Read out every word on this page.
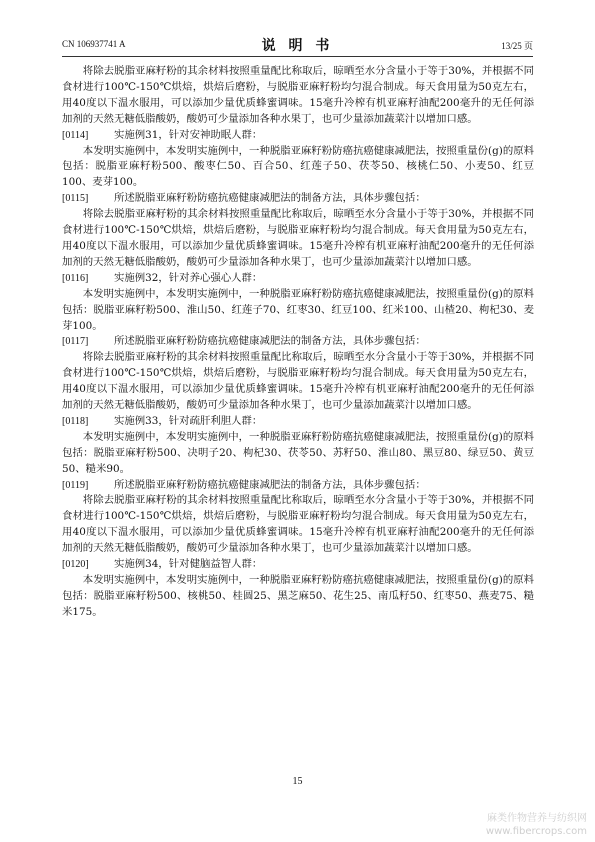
CN 106937741 A	说 明 书	13/25 页

将除去脱脂亚麻籽粉的其余材料按照重量配比称取后，晾晒至水分含量小于等于30%，并根据不同食材进行100℃-150℃烘焙，烘焙后磨粉，与脱脂亚麻籽粉均匀混合制成。每天食用量为50克左右，用40度以下温水服用，可以添加少量优质蜂蜜调味。15毫升冷榨有机亚麻籽油配200毫升的无任何添加剂的天然无糖低脂酸奶，酸奶可少量添加各种水果丁，也可少量添加蔬菜汁以增加口感。

[0114]	实施例31，针对安神助眠人群：

本发明实施例中，本发明实施例中，一种脱脂亚麻籽粉防癌抗癌健康减肥法，按照重量份(g)的原料包括：脱脂亚麻籽粉500、酸枣仁50、百合50、红莲子50、茯苓50、核桃仁50、小麦50、红豆100、麦芽100。

[0115]	所述脱脂亚麻籽粉防癌抗癌健康减肥法的制备方法，具体步骤包括：

将除去脱脂亚麻籽粉的其余材料按照重量配比称取后，晾晒至水分含量小于等于30%，并根据不同食材进行100℃-150℃烘焙，烘焙后磨粉，与脱脂亚麻籽粉均匀混合制成。每天食用量为50克左右，用40度以下温水服用，可以添加少量优质蜂蜜调味。15毫升冷榨有机亚麻籽油配200毫升的无任何添加剂的天然无糖低脂酸奶，酸奶可少量添加各种水果丁，也可少量添加蔬菜汁以增加口感。

[0116]	实施例32，针对养心强心人群：

本发明实施例中，本发明实施例中，一种脱脂亚麻籽粉防癌抗癌健康减肥法，按照重量份(g)的原料包括：脱脂亚麻籽粉500、淮山50、红莲子70、红枣30、红豆100、红米100、山楂20、枸杞30、麦芽100。

[0117]	所述脱脂亚麻籽粉防癌抗癌健康减肥法的制备方法，具体步骤包括：

将除去脱脂亚麻籽粉的其余材料按照重量配比称取后，晾晒至水分含量小于等于30%，并根据不同食材进行100℃-150℃烘焙，烘焙后磨粉，与脱脂亚麻籽粉均匀混合制成。每天食用量为50克左右，用40度以下温水服用，可以添加少量优质蜂蜜调味。15毫升冷榨有机亚麻籽油配200毫升的无任何添加剂的天然无糖低脂酸奶，酸奶可少量添加各种水果丁，也可少量添加蔬菜汁以增加口感。

[0118]	实施例33，针对疏肝利胆人群：

本发明实施例中，本发明实施例中，一种脱脂亚麻籽粉防癌抗癌健康减肥法，按照重量份(g)的原料包括：脱脂亚麻籽粉500、决明子20、枸杞30、茯苓50、苏籽50、淮山80、黑豆80、绿豆50、黄豆50、糙米90。

[0119]	所述脱脂亚麻籽粉防癌抗癌健康减肥法的制备方法，具体步骤包括：

将除去脱脂亚麻籽粉的其余材料按照重量配比称取后，晾晒至水分含量小于等于30%，并根据不同食材进行100℃-150℃烘焙，烘焙后磨粉，与脱脂亚麻籽粉均匀混合制成。每天食用量为50克左右，用40度以下温水服用，可以添加少量优质蜂蜜调味。15毫升冷榨有机亚麻籽油配200毫升的无任何添加剂的天然无糖低脂酸奶，酸奶可少量添加各种水果丁，也可少量添加蔬菜汁以增加口感。

[0120]	实施例34，针对健脑益智人群：

本发明实施例中，本发明实施例中，一种脱脂亚麻籽粉防癌抗癌健康减肥法，按照重量份(g)的原料包括：脱脂亚麻籽粉500、核桃50、桂圆25、黑芝麻50、花生25、南瓜籽50、红枣50、燕麦75、糙米175。

15
麻类作物营养与纺织网
www.fibercrops.com
